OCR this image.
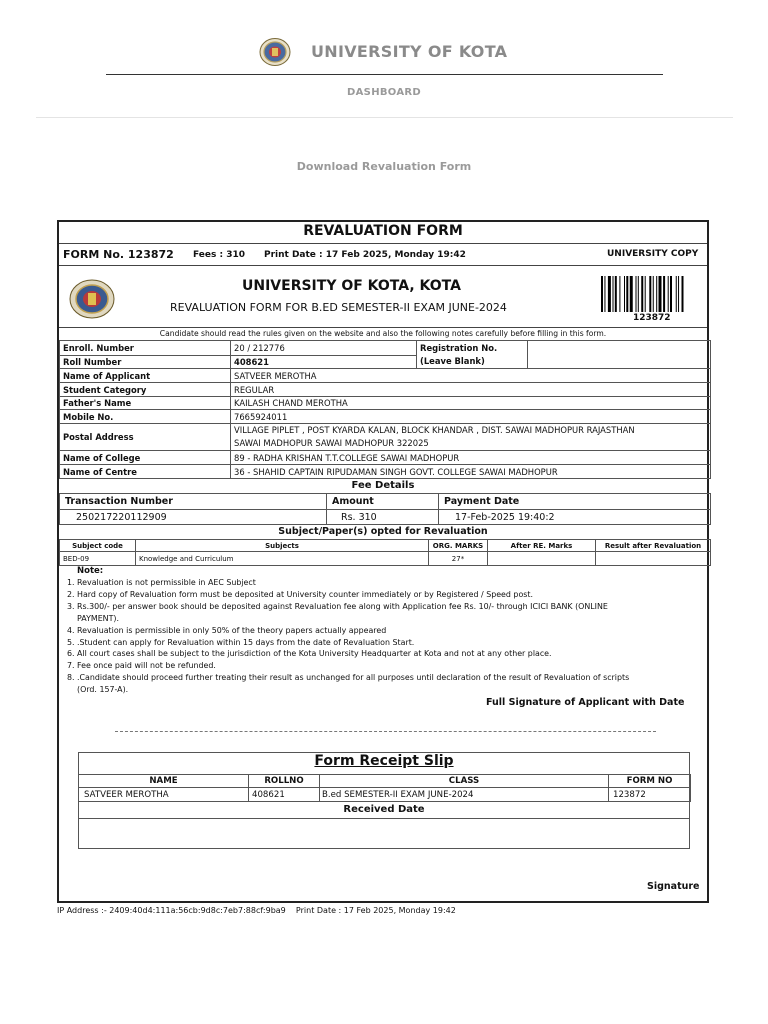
UNIVERSITY OF KOTA
DASHBOARD
Download Revaluation Form
REVALUATION FORM
FORM No. 123872 Fees : 310 Print Date : 17 Feb 2025, Monday 19:42	UNIVERSITY COPY
UNIVERSITY OF KOTA, KOTA
REVALUATION FORM FOR B.ED SEMESTER-II EXAM JUNE-2024
123872
Candidate should read the rules given on the website and also the following notes carefully before filling in this form.
Enroll. Number	20 / 212776	Registration No.
(Leave Blank)	
Roll Number	408621		
Name of Applicant	SATVEER MEROTHA		
Student Category	REGULAR		
Father's Name	KAILASH CHAND MEROTHA		
Mobile No.	7665924011		
Postal Address	VILLAGE PIPLET , POST KYARDA KALAN, BLOCK KHANDAR , DIST. SAWAI MADHOPUR RAJASTHAN
SAWAI MADHOPUR SAWAI MADHOPUR 322025		
Name of College	89 - RADHA KRISHAN T.T.COLLEGE SAWAI MADHOPUR		
Name of Centre	36 - SHAHID CAPTAIN RIPUDAMAN SINGH GOVT. COLLEGE SAWAI MADHOPUR		
Fee Details
Transaction Number	Amount	Payment Date
250217220112909	Rs. 310	17-Feb-2025 19:40:2
Subject/Paper(s) opted for Revaluation
Subject code	Subjects	ORG. MARKS	After RE. Marks	Result after Revaluation
BED-09	Knowledge and Curriculum	27*		
Note:
1. Revaluation is not permissible in AEC Subject
2. Hard copy of Revaluation form must be deposited at University counter immediately or by Registered / Speed post.
3. Rs.300/- per answer book should be deposited against Revaluation fee along with Application fee Rs. 10/- through ICICI BANK (ONLINE
PAYMENT).
4. Revaluation is permissible in only 50% of the theory papers actually appeared
5. .Student can apply for Revaluation within 15 days from the date of Revaluation Start.
6. All court cases shall be subject to the jurisdiction of the Kota University Headquarter at Kota and not at any other place.
7. Fee once paid will not be refunded.
8. .Candidate should proceed further treating their result as unchanged for all purposes until declaration of the result of Revaluation of scripts
(Ord. 157-A).
Full Signature of Applicant with Date
Form Receipt Slip
NAME	ROLLNO	CLASS	FORM NO
SATVEER MEROTHA	408621	B.ed SEMESTER-II EXAM JUNE-2024	123872
Received Date
Signature
IP Address :- 2409:40d4:111a:56cb:9d8c:7eb7:88cf:9ba9    Print Date : 17 Feb 2025, Monday 19:42
